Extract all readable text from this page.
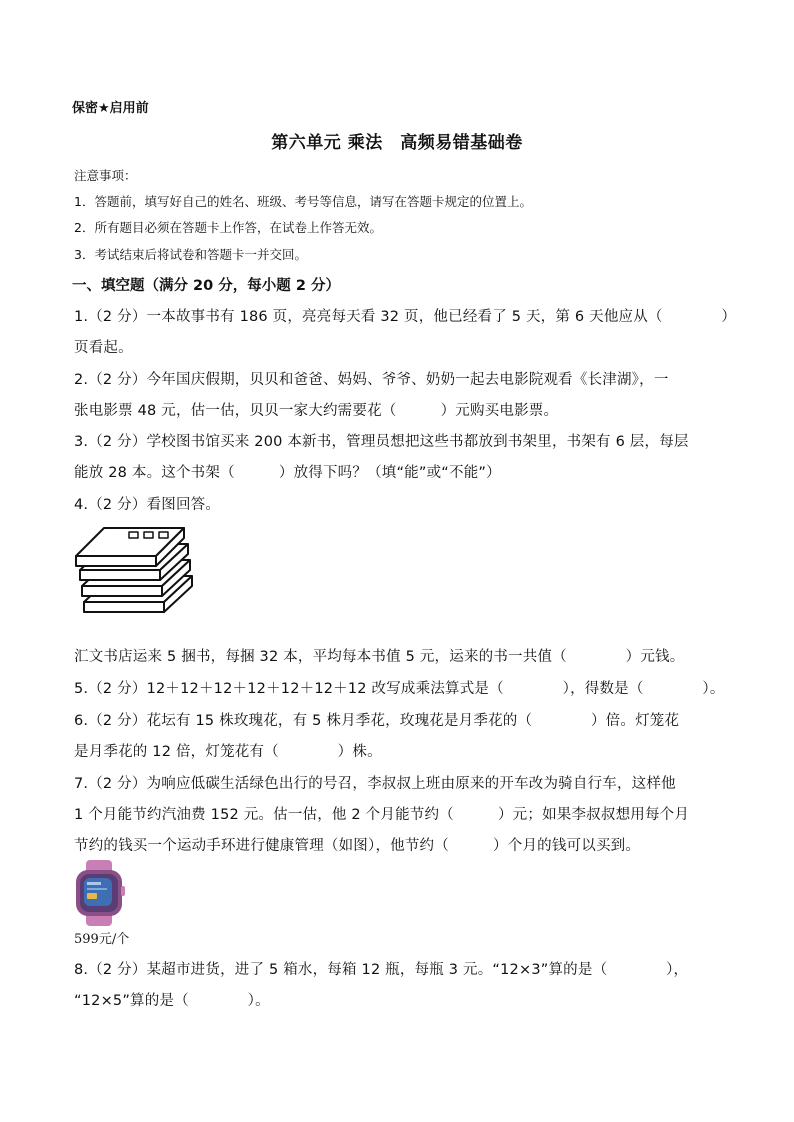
保密★启用前
第六单元 乘法　高频易错基础卷
注意事项：
1．答题前，填写好自己的姓名、班级、考号等信息，请写在答题卡规定的位置上。
2．所有题目必须在答题卡上作答，在试卷上作答无效。
3．考试结束后将试卷和答题卡一并交回。
一、填空题（满分 20 分，每小题 2 分）
1.（2 分）一本故事书有 186 页，亮亮每天看 32 页，他已经看了 5 天，第 6 天他应从（　　　　）
页看起。
2.（2 分）今年国庆假期，贝贝和爸爸、妈妈、爷爷、奶奶一起去电影院观看《长津湖》，一
张电影票 48 元，估一估，贝贝一家大约需要花（　　　）元购买电影票。
3.（2 分）学校图书馆买来 200 本新书，管理员想把这些书都放到书架里，书架有 6 层，每层
能放 28 本。这个书架（　　　）放得下吗？（填“能”或“不能”）
4.（2 分）看图回答。
汇文书店运来 5 捆书，每捆 32 本，平均每本书值 5 元，运来的书一共值（　　　　）元钱。
5.（2 分）12＋12＋12＋12＋12＋12＋12 改写成乘法算式是（　　　　），得数是（　　　　）。
6.（2 分）花坛有 15 株玫瑰花，有 5 株月季花，玫瑰花是月季花的（　　　　）倍。灯笼花
是月季花的 12 倍，灯笼花有（　　　　）株。
7.（2 分）为响应低碳生活绿色出行的号召，李叔叔上班由原来的开车改为骑自行车，这样他
1 个月能节约汽油费 152 元。估一估，他 2 个月能节约（　　　）元；如果李叔叔想用每个月
节约的钱买一个运动手环进行健康管理（如图），他节约（　　　）个月的钱可以买到。
599元/个
8.（2 分）某超市进货，进了 5 箱水，每箱 12 瓶，每瓶 3 元。“12×3”算的是（　　　　），
“12×5”算的是（　　　　）。
